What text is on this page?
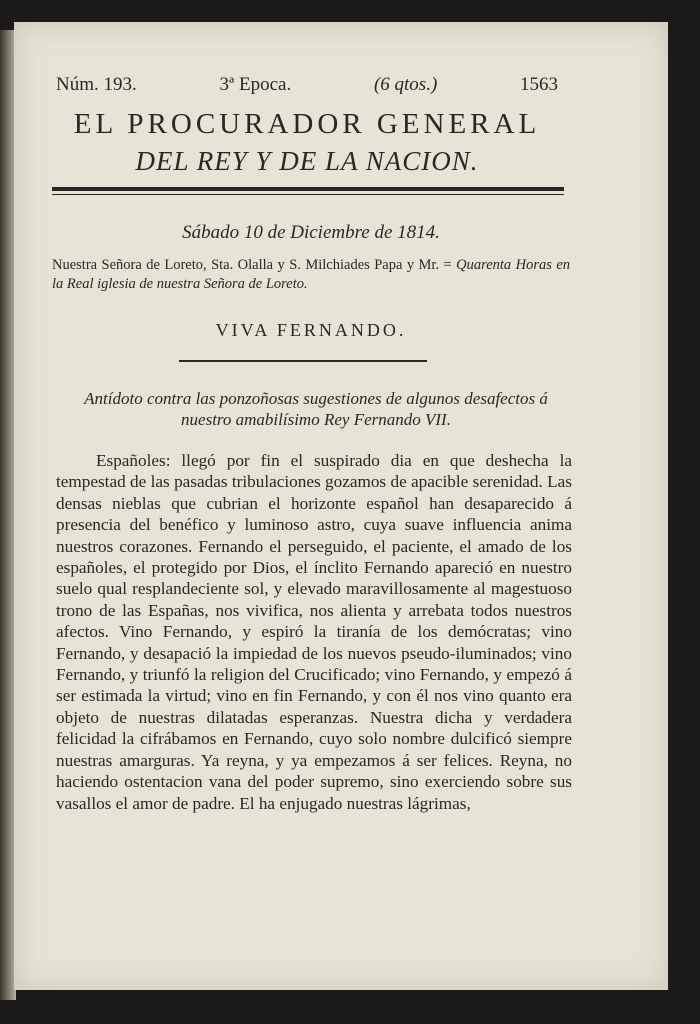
Núm. 193.	3ª Epoca.	(6 qtos.)	1563
EL PROCURADOR GENERAL
DEL REY Y DE LA NACION.
Sábado 10 de Diciembre de 1814.
Nuestra Señora de Loreto, Sta. Olalla y S. Milchiades Papa y Mr. = Quarenta Horas en la Real iglesia de nuestra Señora de Loreto.
VIVA FERNANDO.
Antídoto contra las ponzoñosas sugestiones de algunos desafectos á nuestro amabilísimo Rey Fernando VII.
Españoles: llegó por fin el suspirado dia en que deshecha la tempestad de las pasadas tribulaciones gozamos de apacible serenidad. Las densas nieblas que cubrian el horizonte español han desaparecido á presencia del benéfico y luminoso astro, cuya suave influencia anima nuestros corazones. Fernando el perseguido, el paciente, el amado de los españoles, el protegido por Dios, el ínclito Fernando apareció en nuestro suelo qual resplandeciente sol, y elevado maravillosamente al magestuoso trono de las Españas, nos vivifica, nos alienta y arrebata todos nuestros afectos. Vino Fernando, y espiró la tiranía de los demócratas; vino Fernando, y desapació la impiedad de los nuevos pseudo-iluminados; vino Fernando, y triunfó la religion del Crucificado; vino Fernando, y empezó á ser estimada la virtud; vino en fin Fernando, y con él nos vino quanto era objeto de nuestras dilatadas esperanzas. Nuestra dicha y verdadera felicidad la cifrábamos en Fernando, cuyo solo nombre dulcificó siempre nuestras amarguras. Ya reyna, y ya empezamos á ser felices. Reyna, no haciendo ostentacion vana del poder supremo, sino exerciendo sobre sus vasallos el amor de padre. El ha enjugado nuestras lágrimas,
